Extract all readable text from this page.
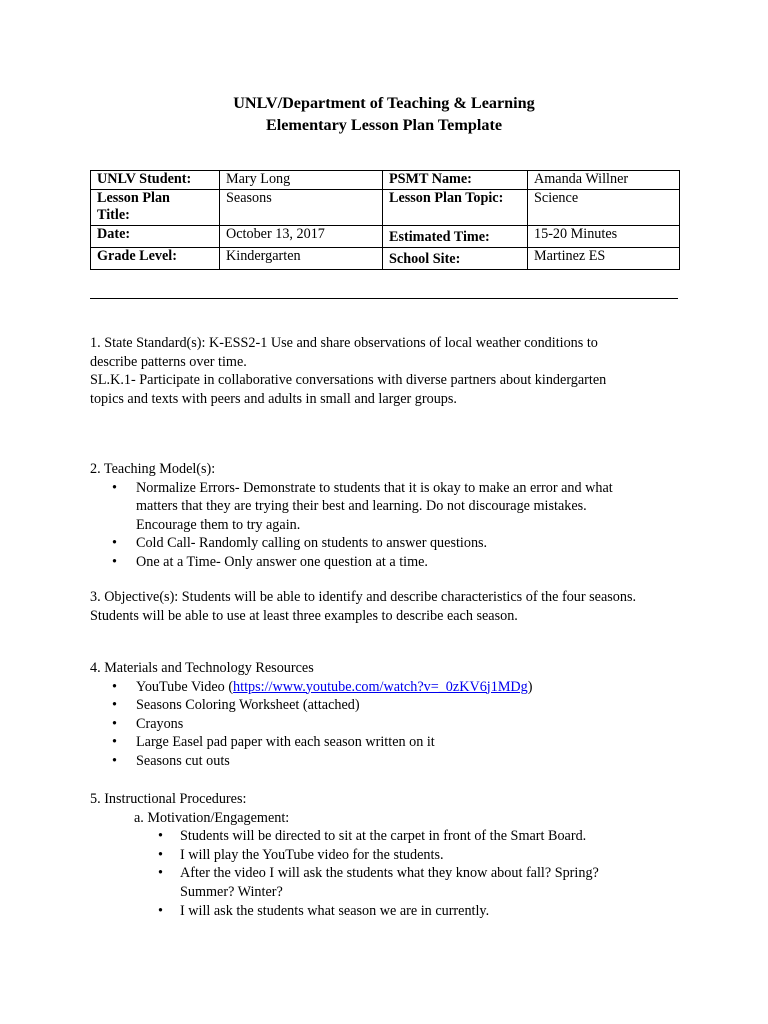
UNLV/Department of Teaching & Learning
Elementary Lesson Plan Template
UNLV Student:	Mary Long	PSMT Name:	Amanda Willner

Lesson Plan
Title:	Seasons	Lesson Plan Topic:	Science
Date:	October 13, 2017	Estimated Time:	15-20 Minutes
Grade Level:	Kindergarten	School Site:	Martinez ES

1. State Standard(s): K-ESS2-1 Use and share observations of local weather conditions to

describe patterns over time.

SL.K.1- Participate in collaborative conversations with diverse partners about kindergarten

topics and texts with peers and adults in small and larger groups.

2. Teaching Model(s):

• Normalize Errors- Demonstrate to students that it is okay to make an error and what
matters that they are trying their best and learning. Do not discourage mistakes.
Encourage them to try again.
• Cold Call- Randomly calling on students to answer questions.
• One at a Time- Only answer one question at a time.

3. Objective(s): Students will be able to identify and describe characteristics of the four seasons.

Students will be able to use at least three examples to describe each season.

4. Materials and Technology Resources

• YouTube Video (https://www.youtube.com/watch?v=_0zKV6j1MDg)
• Seasons Coloring Worksheet (attached)
• Crayons
• Large Easel pad paper with each season written on it
• Seasons cut outs

5. Instructional Procedures:

a. Motivation/Engagement:

• Students will be directed to sit at the carpet in front of the Smart Board.
• I will play the YouTube video for the students.
• After the video I will ask the students what they know about fall? Spring?
Summer? Winter?
• I will ask the students what season we are in currently.
